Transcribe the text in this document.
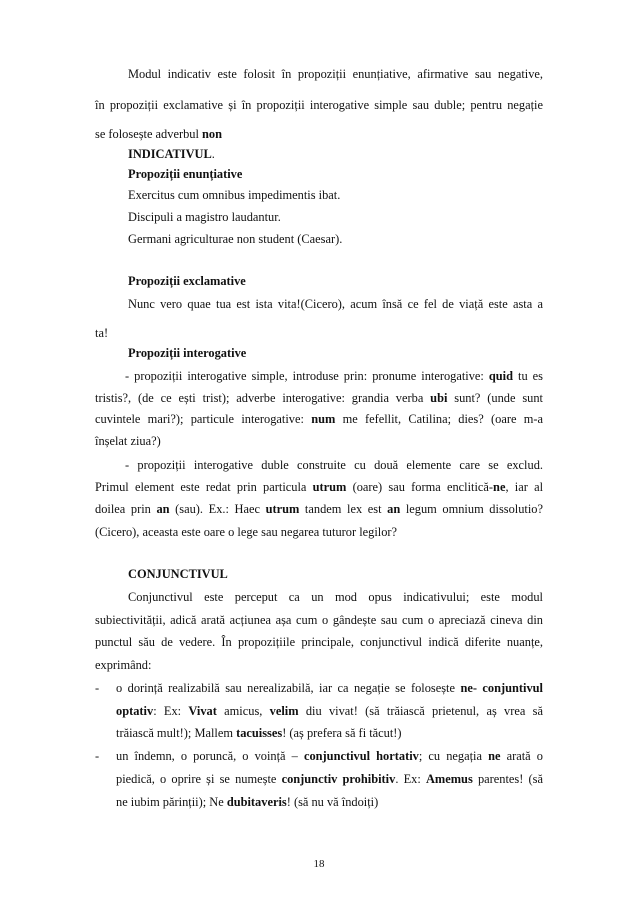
Modul indicativ este folosit în propoziții enunțiative, afirmative sau negative,
în propoziții exclamative și în propoziții interogative simple sau duble; pentru negație
se folosește adverbul non
INDICATIVUL.
Propoziții enunțiative
Exercitus cum omnibus impedimentis ibat.
Discipuli a magistro laudantur.
Germani agriculturae non student (Caesar).
Propoziții exclamative
Nunc vero quae tua est ista vita!(Cicero), acum însă ce fel de viață este asta a
ta!
Propoziții interogative
- propoziții interogative simple, introduse prin: pronume interogative: quid tu es
tristis?, (de ce ești trist); adverbe interogative: grandia verba ubi sunt? (unde sunt
cuvintele mari?); particule interogative: num me fefellit, Catilina; dies? (oare m-a
înșelat ziua?)
- propoziții interogative duble construite cu două elemente care se exclud.
Primul element este redat prin particula utrum (oare) sau forma enclitică-ne, iar al
doilea prin an (sau). Ex.: Haec utrum tandem lex est an legum omnium dissolutio?
(Cicero), aceasta este oare o lege sau negarea tuturor legilor?
CONJUNCTIVUL
Conjunctivul este perceput ca un mod opus indicativului; este modul
subiectivității, adică arată acțiunea așa cum o gândește sau cum o apreciază cineva din
punctul său de vedere. În propozițiile principale, conjunctivul indică diferite nuanțe,
exprimând:
- o dorință realizabilă sau nerealizabilă, iar ca negație se folosește ne- conjuntivul
optativ: Ex: Vivat amicus, velim diu vivat! (să trăiască prietenul, aș vrea să
trăiască mult!); Mallem tacuisses! (aș prefera să fi tăcut!)
- un îndemn, o poruncă, o voință – conjunctivul hortativ; cu negația ne arată o
piedică, o oprire și se numește conjunctiv prohibitiv. Ex: Amemus parentes! (să
ne iubim părinții); Ne dubitaveris! (să nu vă îndoiți)
18
